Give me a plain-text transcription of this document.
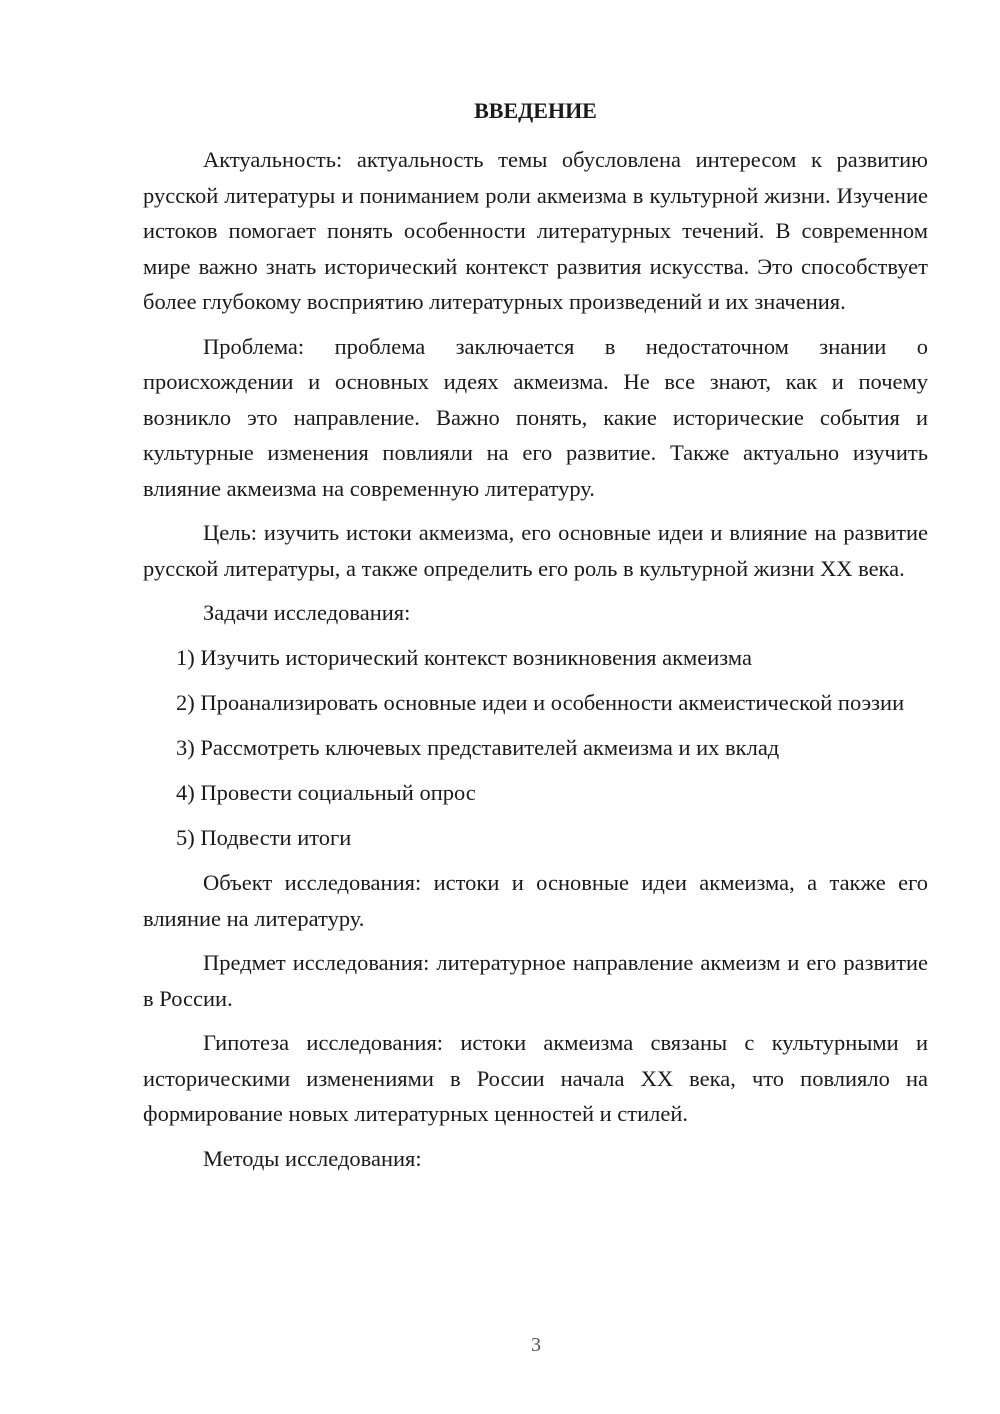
ВВЕДЕНИЕ

Актуальность: актуальность темы обусловлена интересом к развитию русской литературы и пониманием роли акмеизма в культурной жизни. Изучение истоков помогает понять особенности литературных течений. В современном мире важно знать исторический контекст развития искусства. Это способствует более глубокому восприятию литературных произведений и их значения.

Проблема: проблема заключается в недостаточном знании о происхождении и основных идеях акмеизма. Не все знают, как и почему возникло это направление. Важно понять, какие исторические события и культурные изменения повлияли на его развитие. Также актуально изучить влияние акмеизма на современную литературу.

Цель: изучить истоки акмеизма, его основные идеи и влияние на развитие русской литературы, а также определить его роль в культурной жизни XX века.

Задачи исследования:

1) Изучить исторический контекст возникновения акмеизма

2) Проанализировать основные идеи и особенности акмеистической поэзии

3) Рассмотреть ключевых представителей акмеизма и их вклад

4) Провести социальный опрос

5) Подвести итоги

Объект исследования: истоки и основные идеи акмеизма, а также его влияние на литературу.

Предмет исследования: литературное направление акмеизм и его развитие в России.

Гипотеза исследования: истоки акмеизма связаны с культурными и историческими изменениями в России начала XX века, что повлияло на формирование новых литературных ценностей и стилей.

Методы исследования:

3
